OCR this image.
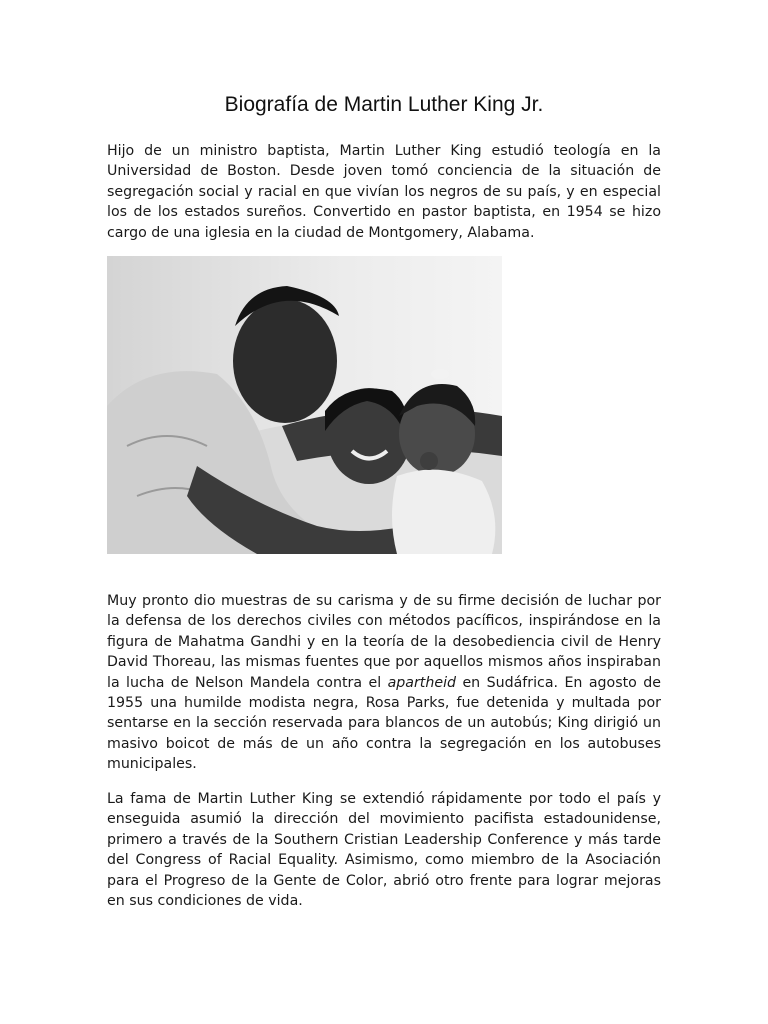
Biografía de Martin Luther King Jr.

Hijo de un ministro baptista, Martin Luther King estudió teología en la Universidad de Boston. Desde joven tomó conciencia de la situación de segregación social y racial en que vivían los negros de su país, y en especial los de los estados sureños. Convertido en pastor baptista, en 1954 se hizo cargo de una iglesia en la ciudad de Montgomery, Alabama.

Muy pronto dio muestras de su carisma y de su firme decisión de luchar por la defensa de los derechos civiles con métodos pacíficos, inspirándose en la figura de Mahatma Gandhi y en la teoría de la desobediencia civil de Henry David Thoreau, las mismas fuentes que por aquellos mismos años inspiraban la lucha de Nelson Mandela contra el apartheid en Sudáfrica. En agosto de 1955 una humilde modista negra, Rosa Parks, fue detenida y multada por sentarse en la sección reservada para blancos de un autobús; King dirigió un masivo boicot de más de un año contra la segregación en los autobuses municipales.

La fama de Martin Luther King se extendió rápidamente por todo el país y enseguida asumió la dirección del movimiento pacifista estadounidense, primero a través de la Southern Cristian Leadership Conference y más tarde del Congress of Racial Equality. Asimismo, como miembro de la Asociación para el Progreso de la Gente de Color, abrió otro frente para lograr mejoras en sus condiciones de vida.
